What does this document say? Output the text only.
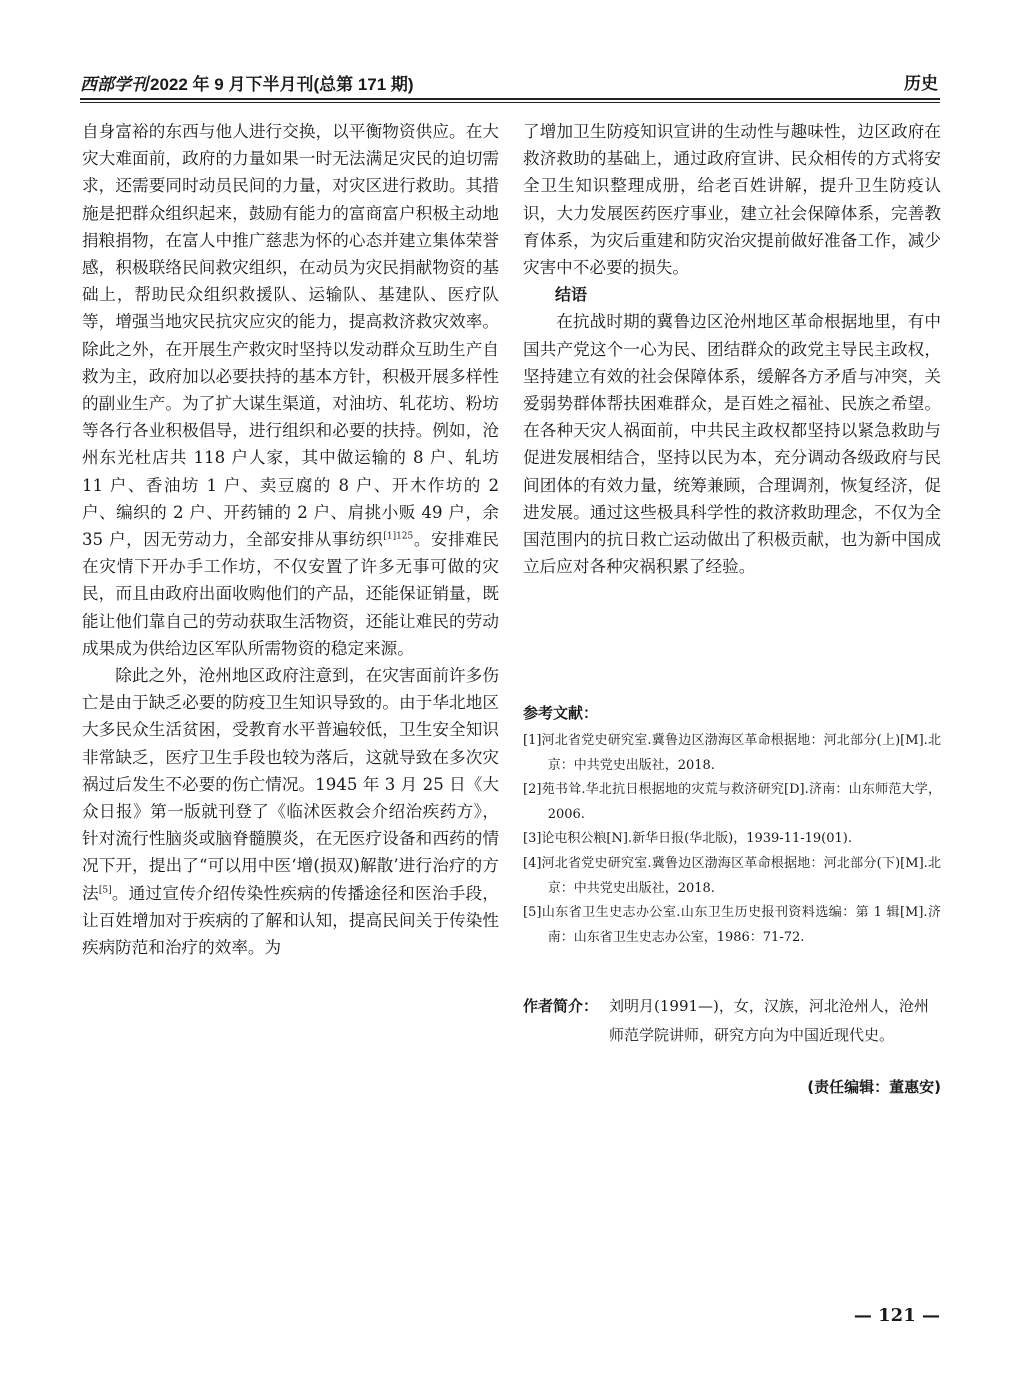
西部学刊 2022 年 9 月下半月刊(总第 171 期)	历史

自身富裕的东西与他人进行交换，以平衡物资供应。在大灾大难面前，政府的力量如果一时无法满足灾民的迫切需求，还需要同时动员民间的力量，对灾区进行救助。其措施是把群众组织起来，鼓励有能力的富商富户积极主动地捐粮捐物，在富人中推广慈悲为怀的心态并建立集体荣誉感，积极联络民间救灾组织，在动员为灾民捐献物资的基础上，帮助民众组织救援队、运输队、基建队、医疗队等，增强当地灾民抗灾应灾的能力，提高救济救灾效率。除此之外，在开展生产救灾时坚持以发动群众互助生产自救为主，政府加以必要扶持的基本方针，积极开展多样性的副业生产。为了扩大谋生渠道，对油坊、轧花坊、粉坊等各行各业积极倡导，进行组织和必要的扶持。例如，沧州东光杜店共 118 户人家，其中做运输的 8 户、轧坊 11 户、香油坊 1 户、卖豆腐的 8 户、开木作坊的 2 户、编织的 2 户、开药铺的 2 户、肩挑小贩 49 户，余 35 户，因无劳动力，全部安排从事纺织$^{[1]125}$。安排难民在灾情下开办手工作坊，不仅安置了许多无事可做的灾民，而且由政府出面收购他们的产品，还能保证销量，既能让他们靠自己的劳动获取生活物资，还能让难民的劳动成果成为供给边区军队所需物资的稳定来源。

除此之外，沧州地区政府注意到，在灾害面前许多伤亡是由于缺乏必要的防疫卫生知识导致的。由于华北地区大多民众生活贫困，受教育水平普遍较低，卫生安全知识非常缺乏，医疗卫生手段也较为落后，这就导致在多次灾祸过后发生不必要的伤亡情况。1945 年 3 月 25 日《大众日报》第一版就刊登了《临沭医救会介绍治疾药方》，针对流行性脑炎或脑脊髓膜炎，在无医疗设备和西药的情况下开，提出了“可以用中医‘增(损双)解散’进行治疗的方法[5]。通过宣传介绍传染性疾病的传播途径和医治手段，让百姓增加对于疾病的了解和认知，提高民间关于传染性疾病防范和治疗的效率。为

了增加卫生防疫知识宣讲的生动性与趣味性，边区政府在救济救助的基础上，通过政府宣讲、民众相传的方式将安全卫生知识整理成册，给老百姓讲解，提升卫生防疫认识，大力发展医药医疗事业，建立社会保障体系，完善教育体系，为灾后重建和防灾治灾提前做好准备工作，减少灾害中不必要的损失。

结语

在抗战时期的冀鲁边区沧州地区革命根据地里，有中国共产党这个一心为民、团结群众的政党主导民主政权，坚持建立有效的社会保障体系，缓解各方矛盾与冲突，关爱弱势群体帮扶困难群众，是百姓之福祉、民族之希望。在各种天灾人祸面前，中共民主政权都坚持以紧急救助与促进发展相结合，坚持以民为本，充分调动各级政府与民间团体的有效力量，统筹兼顾，合理调剂，恢复经济，促进发展。通过这些极具科学性的救济救助理念，不仅为全国范围内的抗日救亡运动做出了积极贡献，也为新中国成立后应对各种灾祸积累了经验。

参考文献：

[1]河北省党史研究室.冀鲁边区渤海区革命根据地：河北部分(上)[M].北京：中共党史出版社，2018.

[2]苑书耸.华北抗日根据地的灾荒与救济研究[D].济南：山东师范大学，2006.

[3]论屯积公粮[N].新华日报(华北版)，1939-11-19(01).

[4]河北省党史研究室.冀鲁边区渤海区革命根据地：河北部分(下)[M].北京：中共党史出版社，2018.

[5]山东省卫生史志办公室.山东卫生历史报刊资料选编：第 1 辑[M].济南：山东省卫生史志办公室，1986：71-72.

作者简介： 刘明月(1991—)，女，汉族，河北沧州人，沧州师范学院讲师，研究方向为中国近现代史。
(责任编辑：董惠安)
— 121 —
